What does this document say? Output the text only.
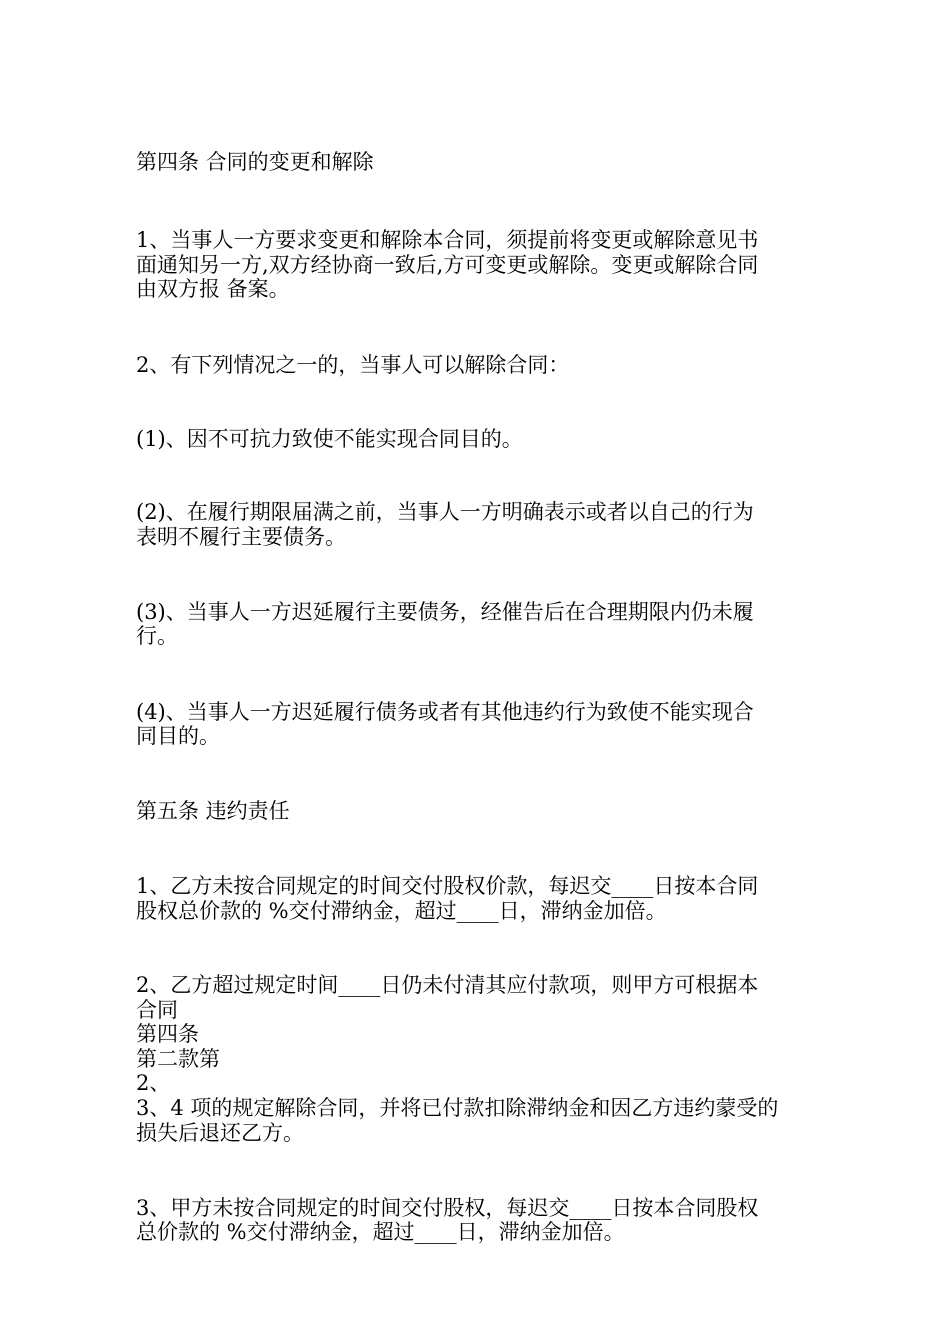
第四条 合同的变更和解除
1、当事人一方要求变更和解除本合同，须提前将变更或解除意见书
面通知另一方,双方经协商一致后,方可变更或解除。变更或解除合同
由双方报 备案。
2、有下列情况之一的，当事人可以解除合同：
(1)、因不可抗力致使不能实现合同目的。
(2)、在履行期限届满之前，当事人一方明确表示或者以自己的行为
表明不履行主要债务。
(3)、当事人一方迟延履行主要债务，经催告后在合理期限内仍未履
行。
(4)、当事人一方迟延履行债务或者有其他违约行为致使不能实现合
同目的。
第五条 违约责任
1、乙方未按合同规定的时间交付股权价款，每迟交____日按本合同
股权总价款的 %交付滞纳金，超过____日，滞纳金加倍。
2、乙方超过规定时间____日仍未付清其应付款项，则甲方可根据本
合同
第四条
第二款第
2、
3、4 项的规定解除合同，并将已付款扣除滞纳金和因乙方违约蒙受的
损失后退还乙方。
3、甲方未按合同规定的时间交付股权，每迟交____日按本合同股权
总价款的 %交付滞纳金，超过____日，滞纳金加倍。
